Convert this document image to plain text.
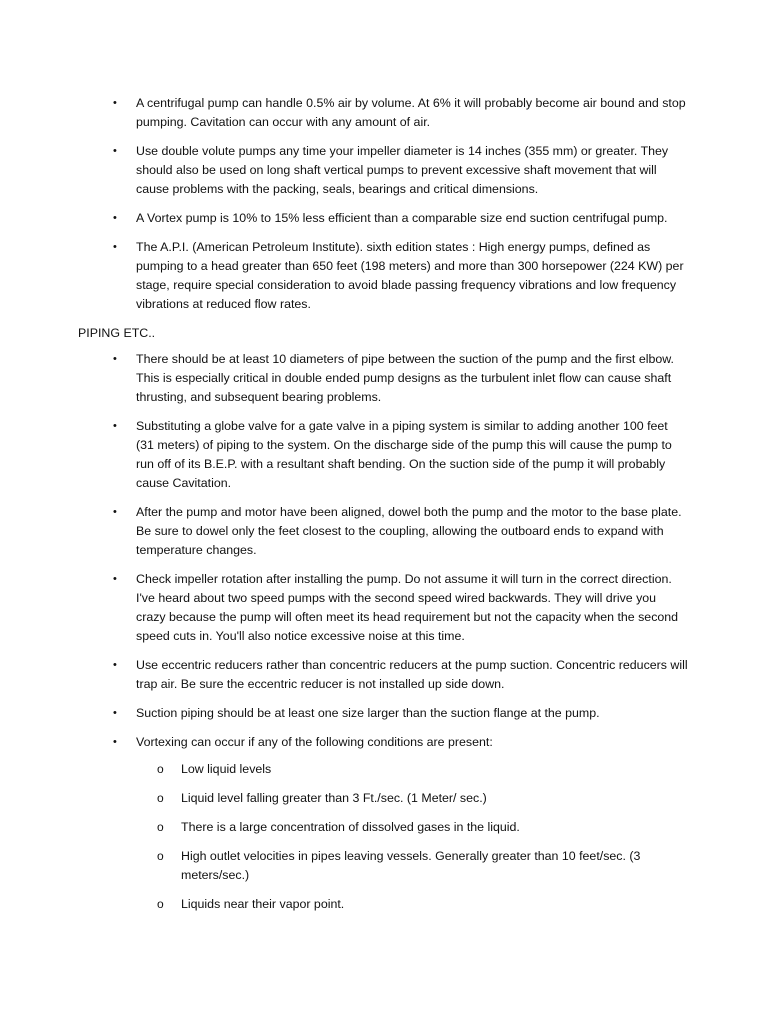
• A centrifugal pump can handle 0.5% air by volume. At 6% it will probably become air bound and stop pumping. Cavitation can occur with any amount of air.
• Use double volute pumps any time your impeller diameter is 14 inches (355 mm) or greater. They should also be used on long shaft vertical pumps to prevent excessive shaft movement that will cause problems with the packing, seals, bearings and critical dimensions.
• A Vortex pump is 10% to 15% less efficient than a comparable size end suction centrifugal pump.
• The A.P.I. (American Petroleum Institute). sixth edition states : High energy pumps, defined as pumping to a head greater than 650 feet (198 meters) and more than 300 horsepower (224 KW) per stage, require special consideration to avoid blade passing frequency vibrations and low frequency vibrations at reduced flow rates.
PIPING ETC..
• There should be at least 10 diameters of pipe between the suction of the pump and the first elbow. This is especially critical in double ended pump designs as the turbulent inlet flow can cause shaft thrusting, and subsequent bearing problems.
• Substituting a globe valve for a gate valve in a piping system is similar to adding another 100 feet (31 meters) of piping to the system. On the discharge side of the pump this will cause the pump to run off of its B.E.P. with a resultant shaft bending. On the suction side of the pump it will probably cause Cavitation.
• After the pump and motor have been aligned, dowel both the pump and the motor to the base plate. Be sure to dowel only the feet closest to the coupling, allowing the outboard ends to expand with temperature changes.
• Check impeller rotation after installing the pump. Do not assume it will turn in the correct direction. I've heard about two speed pumps with the second speed wired backwards. They will drive you crazy because the pump will often meet its head requirement but not the capacity when the second speed cuts in. You'll also notice excessive noise at this time.
• Use eccentric reducers rather than concentric reducers at the pump suction. Concentric reducers will trap air. Be sure the eccentric reducer is not installed up side down.
• Suction piping should be at least one size larger than the suction flange at the pump.
• Vortexing can occur if any of the following conditions are present:
o Low liquid levels
o Liquid level falling greater than 3 Ft./sec. (1 Meter/ sec.)
o There is a large concentration of dissolved gases in the liquid.
o High outlet velocities in pipes leaving vessels. Generally greater than 10 feet/sec. (3 meters/sec.)
o Liquids near their vapor point.
